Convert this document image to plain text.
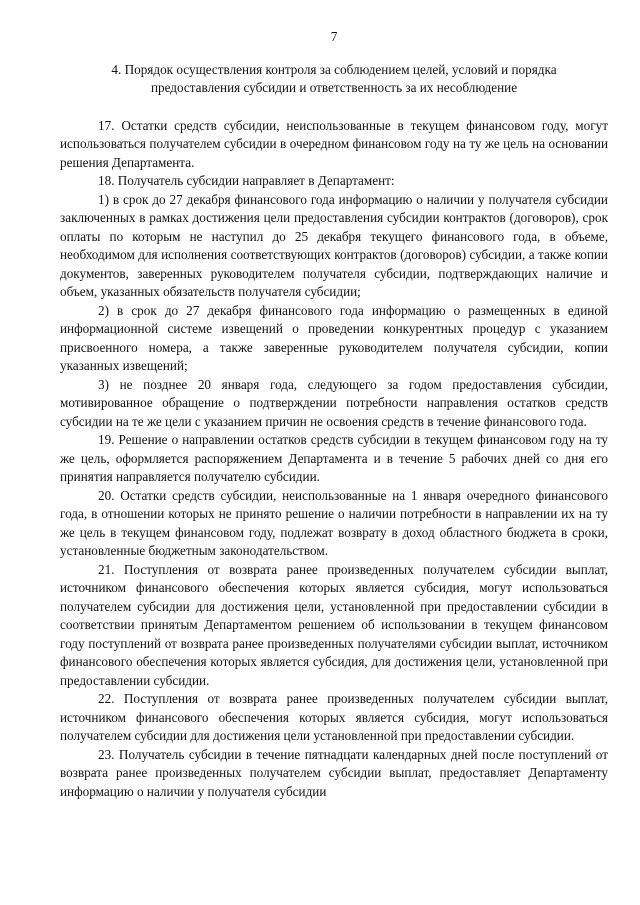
7
4. Порядок осуществления контроля за соблюдением целей, условий и порядка
предоставления субсидии и ответственность за их несоблюдение

17. Остатки средств субсидии, неиспользованные в текущем финансовом году, могут использоваться получателем субсидии в очередном финансовом году на ту же цель на основании решения Департамента.

18. Получатель субсидии направляет в Департамент:

1) в срок до 27 декабря финансового года информацию о наличии у получателя субсидии заключенных в рамках достижения цели предоставления субсидии контрактов (договоров), срок оплаты по которым не наступил до 25 декабря текущего финансового года, в объеме, необходимом для исполнения соответствующих контрактов (договоров) субсидии, а также копии документов, заверенных руководителем получателя субсидии, подтверждающих наличие и объем, указанных обязательств получателя субсидии;

2) в срок до 27 декабря финансового года информацию о размещенных в единой информационной системе извещений о проведении конкурентных процедур с указанием присвоенного номера, а также заверенные руководителем получателя субсидии, копии указанных извещений;

3) не позднее 20 января года, следующего за годом предоставления субсидии, мотивированное обращение о подтверждении потребности направления остатков средств субсидии на те же цели с указанием причин не освоения средств в течение финансового года.

19. Решение о направлении остатков средств субсидии в текущем финансовом году на ту же цель, оформляется распоряжением Департамента и в течение 5 рабочих дней со дня его принятия направляется получателю субсидии.

20. Остатки средств субсидии, неиспользованные на 1 января очередного финансового года, в отношении которых не принято решение о наличии потребности в направлении их на ту же цель в текущем финансовом году, подлежат возврату в доход областного бюджета в сроки, установленные бюджетным законодательством.

21. Поступления от возврата ранее произведенных получателем субсидии выплат, источником финансового обеспечения которых является субсидия, могут использоваться получателем субсидии для достижения цели, установленной при предоставлении субсидии в соответствии принятым Департаментом решением об использовании в текущем финансовом году поступлений от возврата ранее произведенных получателями субсидии выплат, источником финансового обеспечения которых является субсидия, для достижения цели, установленной при предоставлении субсидии.

22. Поступления от возврата ранее произведенных получателем субсидии выплат, источником финансового обеспечения которых является субсидия, могут использоваться получателем субсидии для достижения цели установленной при предоставлении субсидии.

23. Получатель субсидии в течение пятнадцати календарных дней после поступлений от возврата ранее произведенных получателем субсидии выплат, предоставляет Департаменту информацию о наличии у получателя субсидии
